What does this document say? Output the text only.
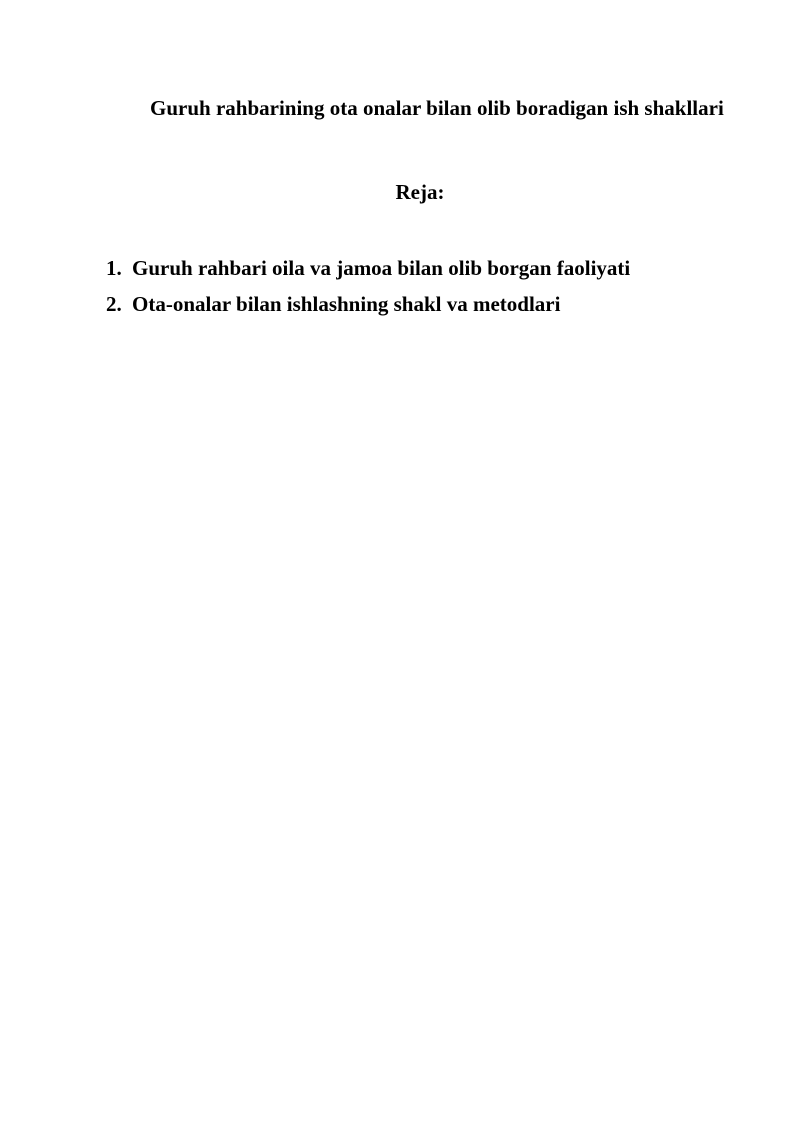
Guruh rahbarining ota onalar bilan olib boradigan ish shakllari
Reja:
1. Guruh rahbari oila va jamoa bilan olib borgan faoliyati
2. Ota-onalar bilan ishlashning shakl va metodlari
